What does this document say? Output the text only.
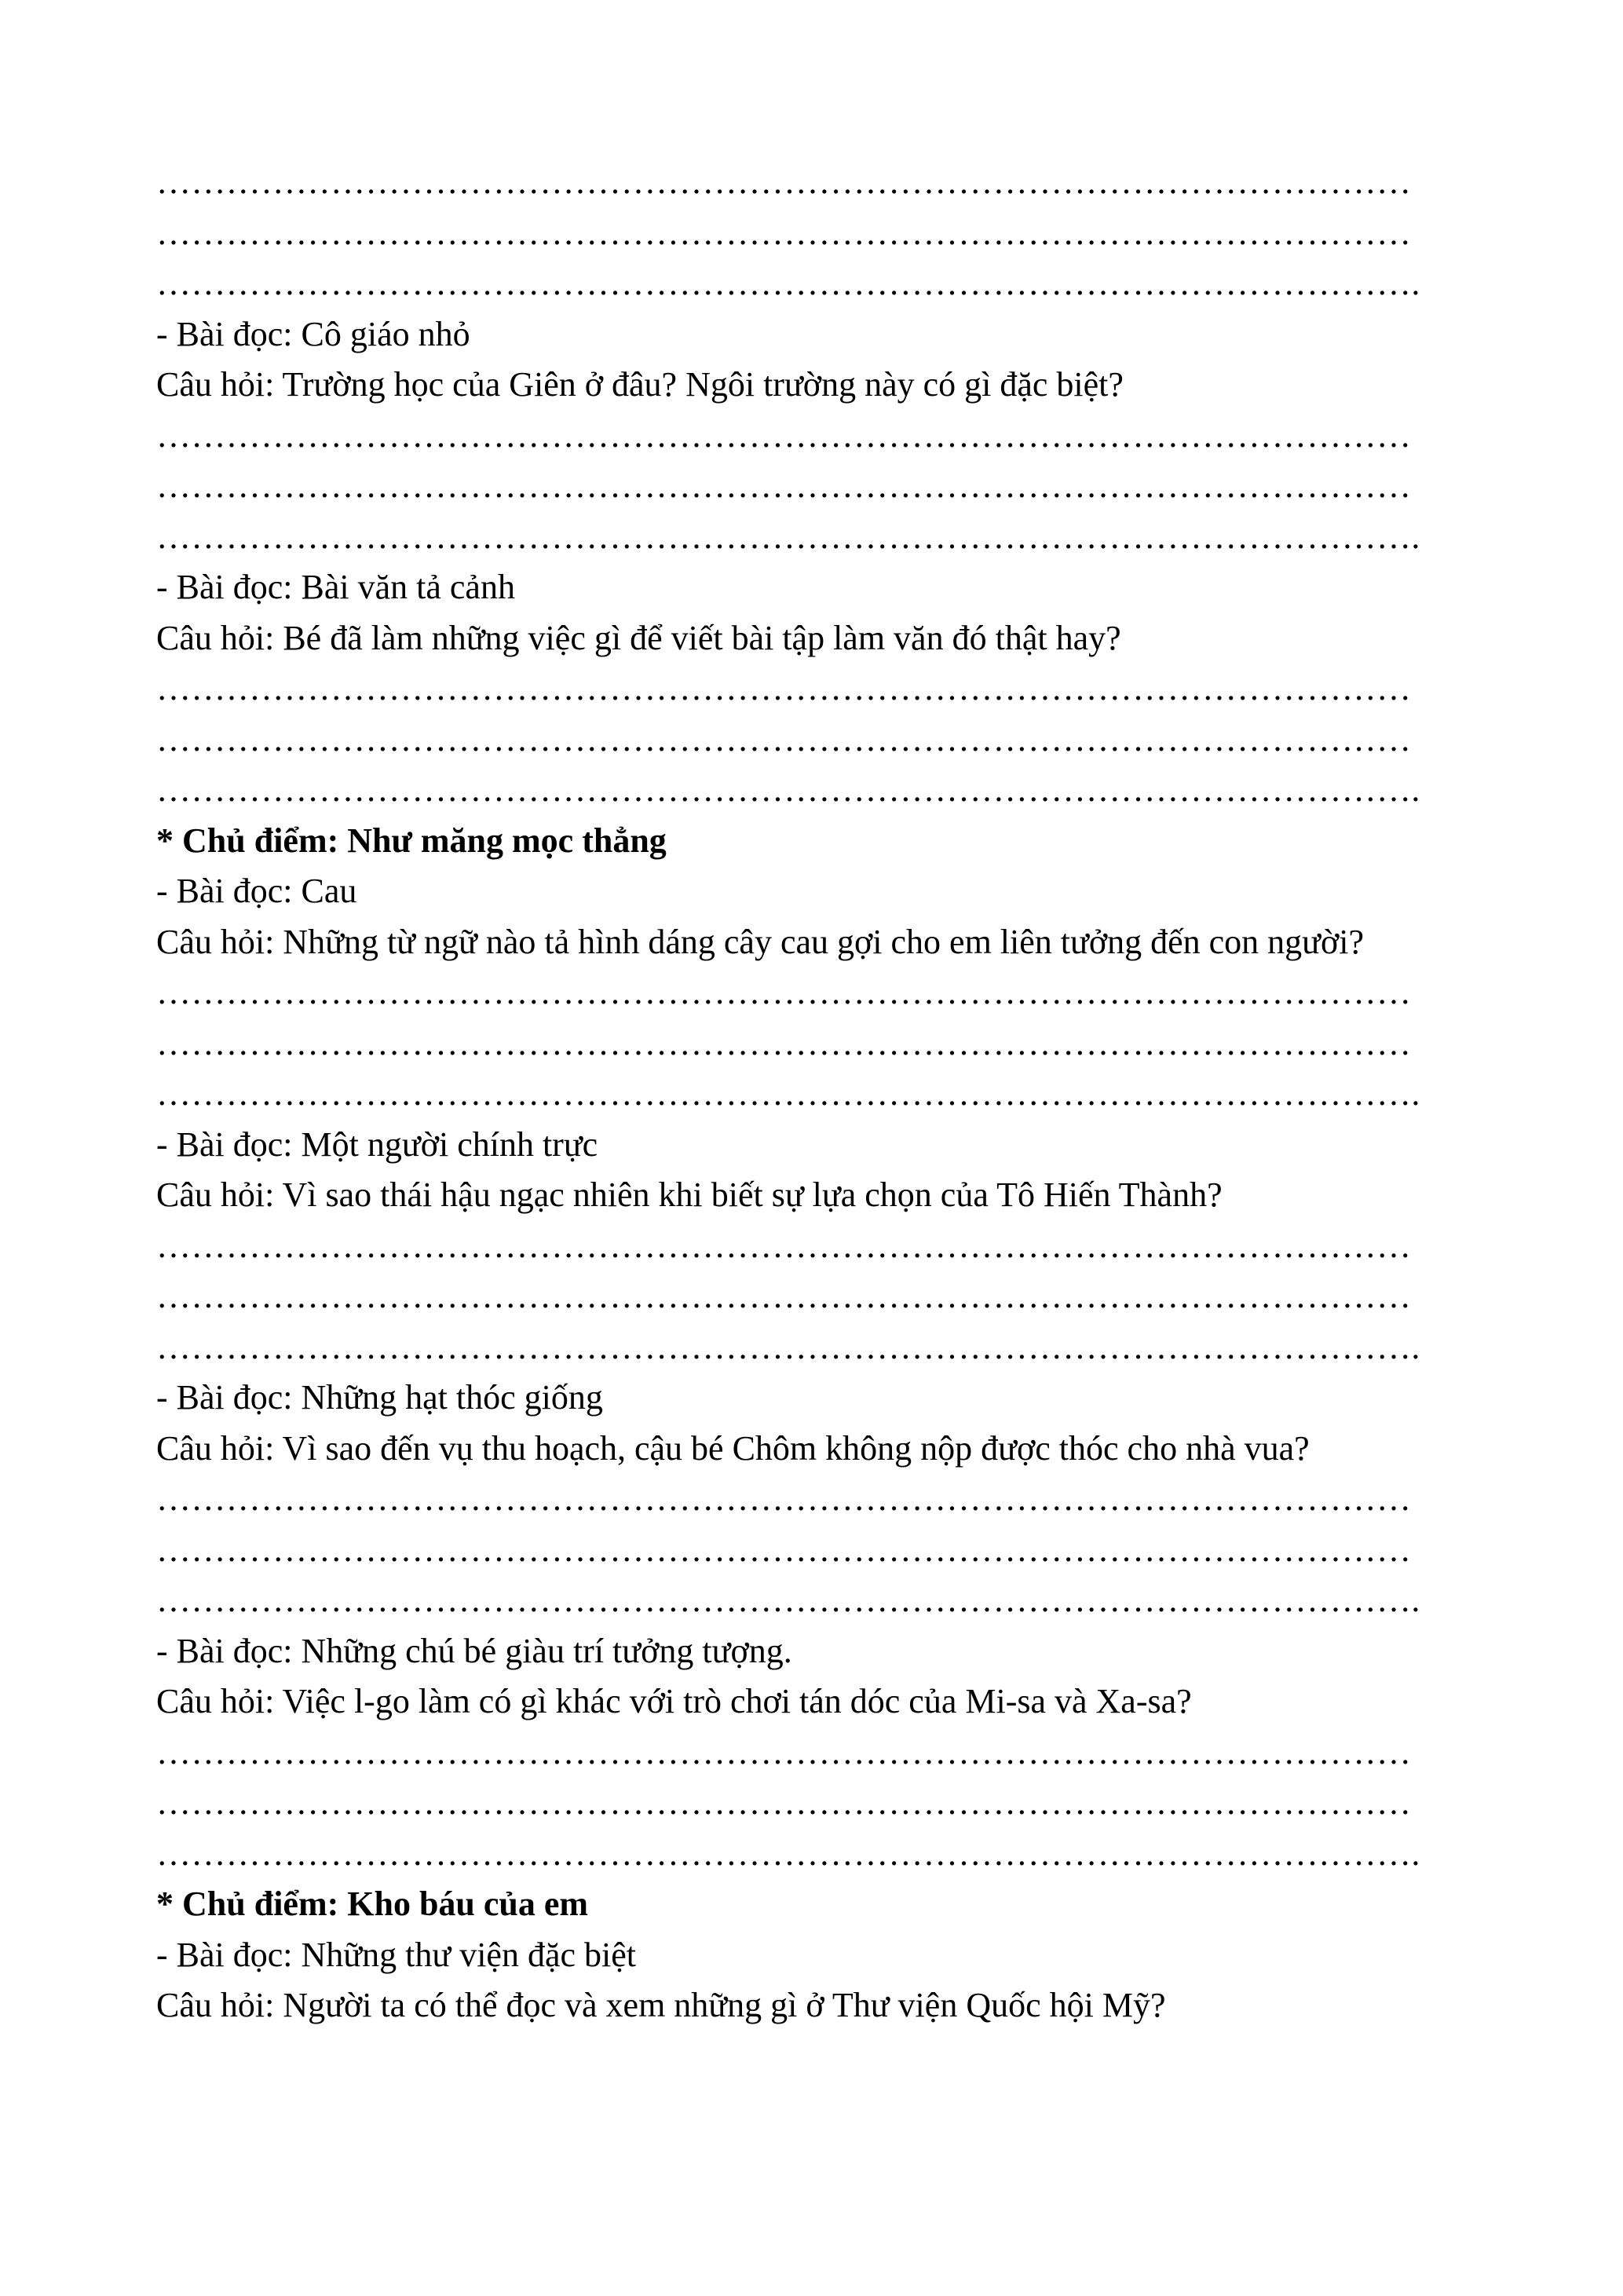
………………………………………………………………………………………………
………………………………………………………………………………………………
……………………………………………………………………………………………….
- Bài đọc: Cô giáo nhỏ
Câu hỏi: Trường học của Giên ở đâu? Ngôi trường này có gì đặc biệt?
………………………………………………………………………………………………
………………………………………………………………………………………………
……………………………………………………………………………………………….
- Bài đọc: Bài văn tả cảnh
Câu hỏi: Bé đã làm những việc gì để viết bài tập làm văn đó thật hay?
………………………………………………………………………………………………
………………………………………………………………………………………………
……………………………………………………………………………………………….
* Chủ điểm: Như măng mọc thẳng
- Bài đọc: Cau
Câu hỏi: Những từ ngữ nào tả hình dáng cây cau gợi cho em liên tưởng đến con người?
………………………………………………………………………………………………
………………………………………………………………………………………………
……………………………………………………………………………………………….
- Bài đọc: Một người chính trực
Câu hỏi: Vì sao thái hậu ngạc nhiên khi biết sự lựa chọn của Tô Hiến Thành?
………………………………………………………………………………………………
………………………………………………………………………………………………
……………………………………………………………………………………………….
- Bài đọc: Những hạt thóc giống
Câu hỏi: Vì sao đến vụ thu hoạch, cậu bé Chôm không nộp được thóc cho nhà vua?
………………………………………………………………………………………………
………………………………………………………………………………………………
……………………………………………………………………………………………….
- Bài đọc: Những chú bé giàu trí tưởng tượng.
Câu hỏi: Việc l-go làm có gì khác với trò chơi tán dóc của Mi-sa và Xa-sa?
………………………………………………………………………………………………
………………………………………………………………………………………………
……………………………………………………………………………………………….
* Chủ điểm: Kho báu của em
- Bài đọc: Những thư viện đặc biệt
Câu hỏi: Người ta có thể đọc và xem những gì ở Thư viện Quốc hội Mỹ?
